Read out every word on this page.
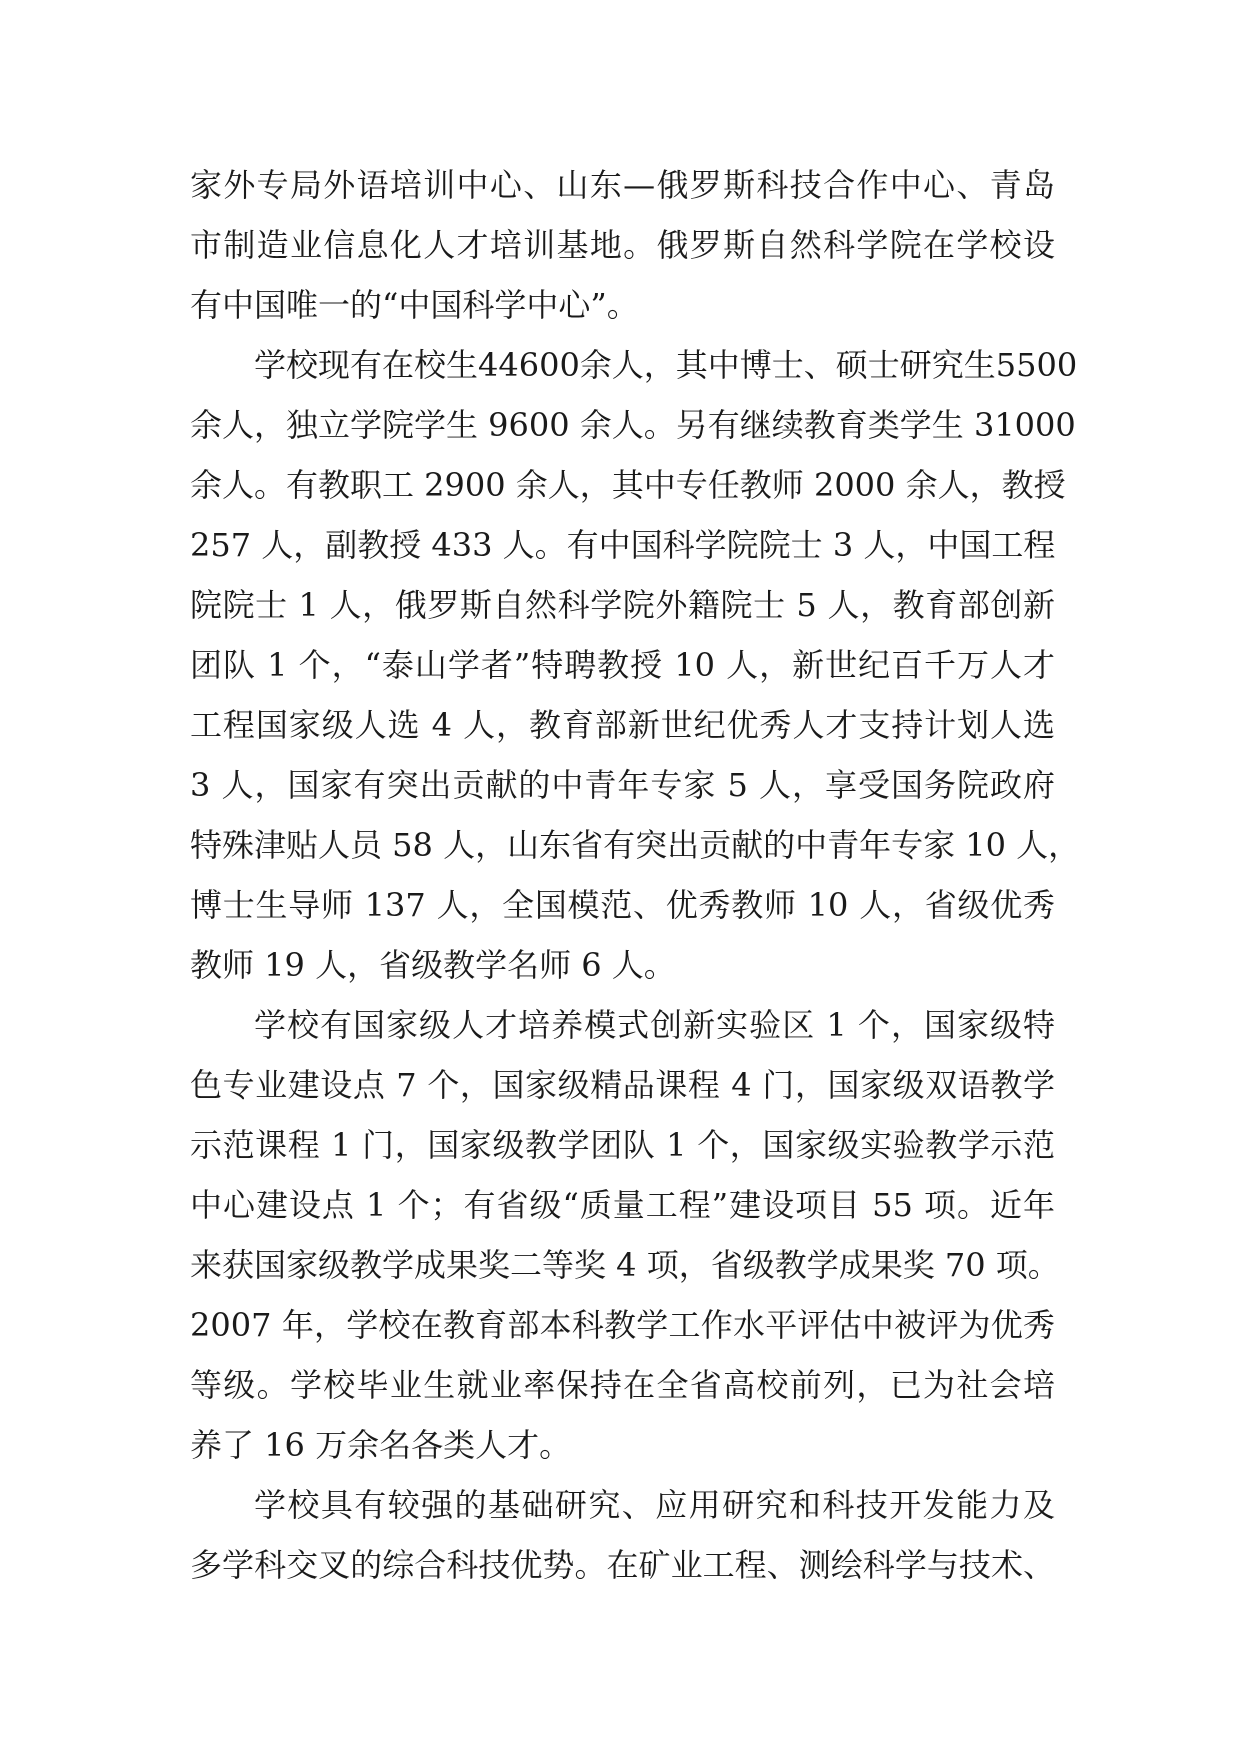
家外专局外语培训中心、山东—俄罗斯科技合作中心、青岛
市制造业信息化人才培训基地。俄罗斯自然科学院在学校设
有中国唯一的“中国科学中心”。
学校现有在校生44600余人，其中博士、硕士研究生5500
余人，独立学院学生 9600 余人。另有继续教育类学生 31000
余人。有教职工 2900 余人，其中专任教师 2000 余人，教授
257 人，副教授 433 人。有中国科学院院士 3 人，中国工程
院院士 1 人，俄罗斯自然科学院外籍院士 5 人，教育部创新
团队 1 个，“泰山学者”特聘教授 10 人，新世纪百千万人才
工程国家级人选 4 人，教育部新世纪优秀人才支持计划人选
3 人，国家有突出贡献的中青年专家 5 人，享受国务院政府
特殊津贴人员 58 人，山东省有突出贡献的中青年专家 10 人，
博士生导师 137 人，全国模范、优秀教师 10 人，省级优秀
教师 19 人，省级教学名师 6 人。
学校有国家级人才培养模式创新实验区 1 个，国家级特
色专业建设点 7 个，国家级精品课程 4 门，国家级双语教学
示范课程 1 门，国家级教学团队 1 个，国家级实验教学示范
中心建设点 1 个；有省级“质量工程”建设项目 55 项。近年
来获国家级教学成果奖二等奖 4 项，省级教学成果奖 70 项。
2007 年，学校在教育部本科教学工作水平评估中被评为优秀
等级。学校毕业生就业率保持在全省高校前列，已为社会培
养了 16 万余名各类人才。
学校具有较强的基础研究、应用研究和科技开发能力及
多学科交叉的综合科技优势。在矿业工程、测绘科学与技术、
